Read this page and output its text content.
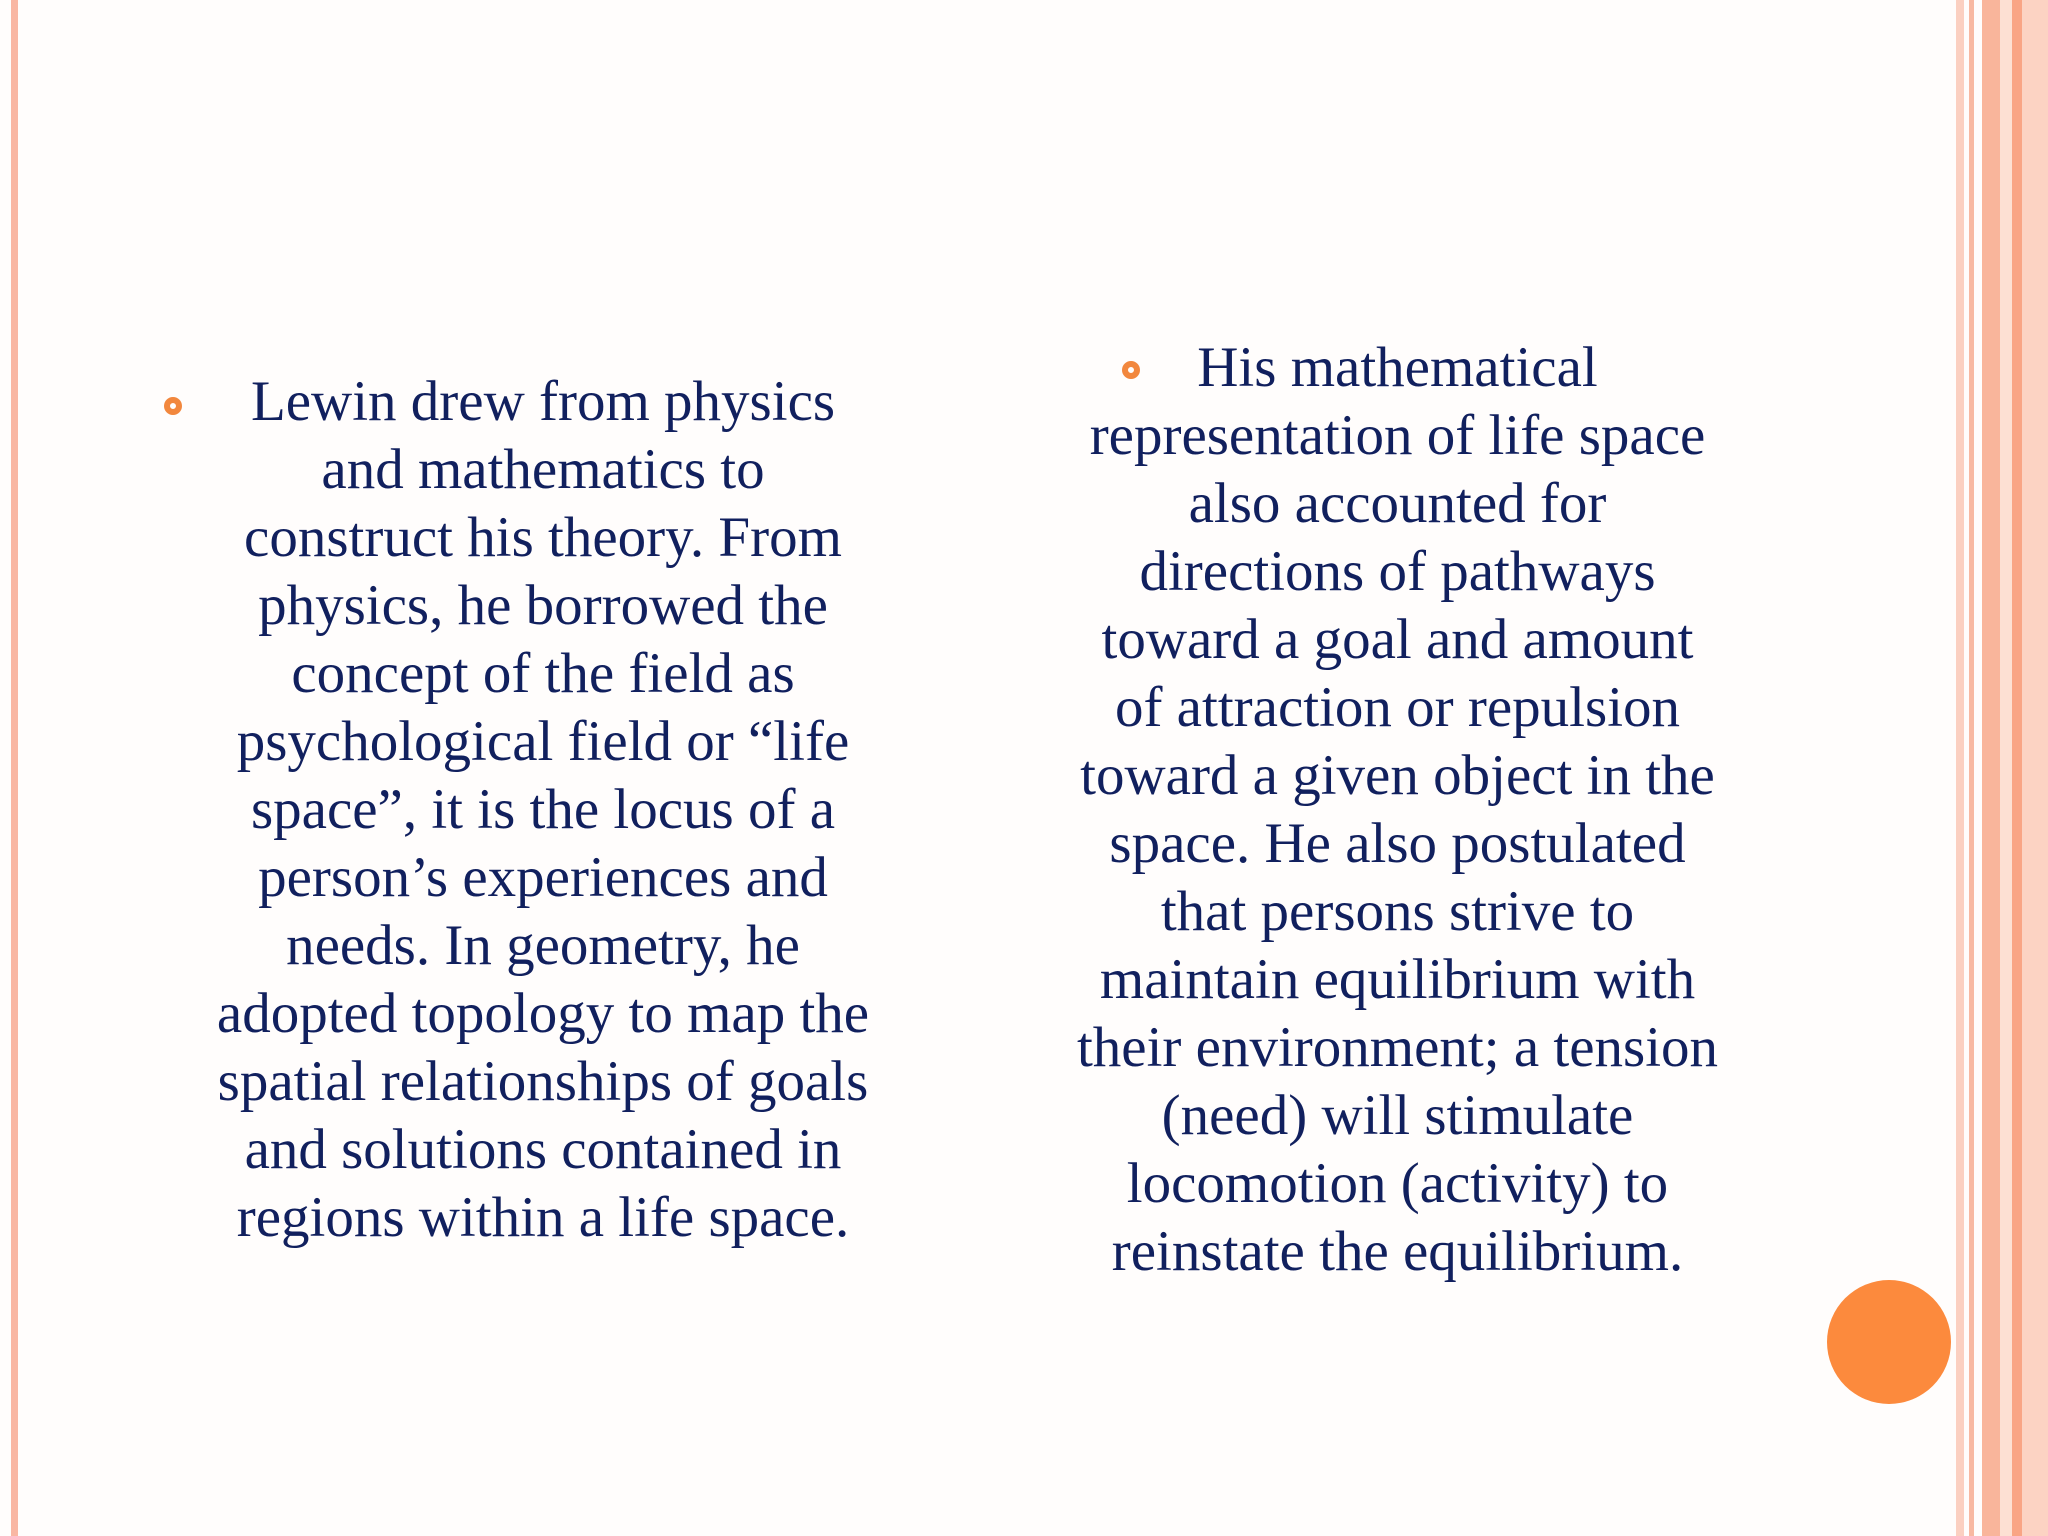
Lewin drew from physics
and mathematics to
construct his theory. From
physics, he borrowed the
concept of the field as
psychological field or “life
space”, it is the locus of a
person’s experiences and
needs. In geometry, he
adopted topology to map the
spatial relationships of goals
and solutions contained in
regions within a life space.

His mathematical
representation of life space
also accounted for
directions of pathways
toward a goal and amount
of attraction or repulsion
toward a given object in the
space. He also postulated
that persons strive to
maintain equilibrium with
their environment; a tension
(need) will stimulate
locomotion (activity) to
reinstate the equilibrium.
